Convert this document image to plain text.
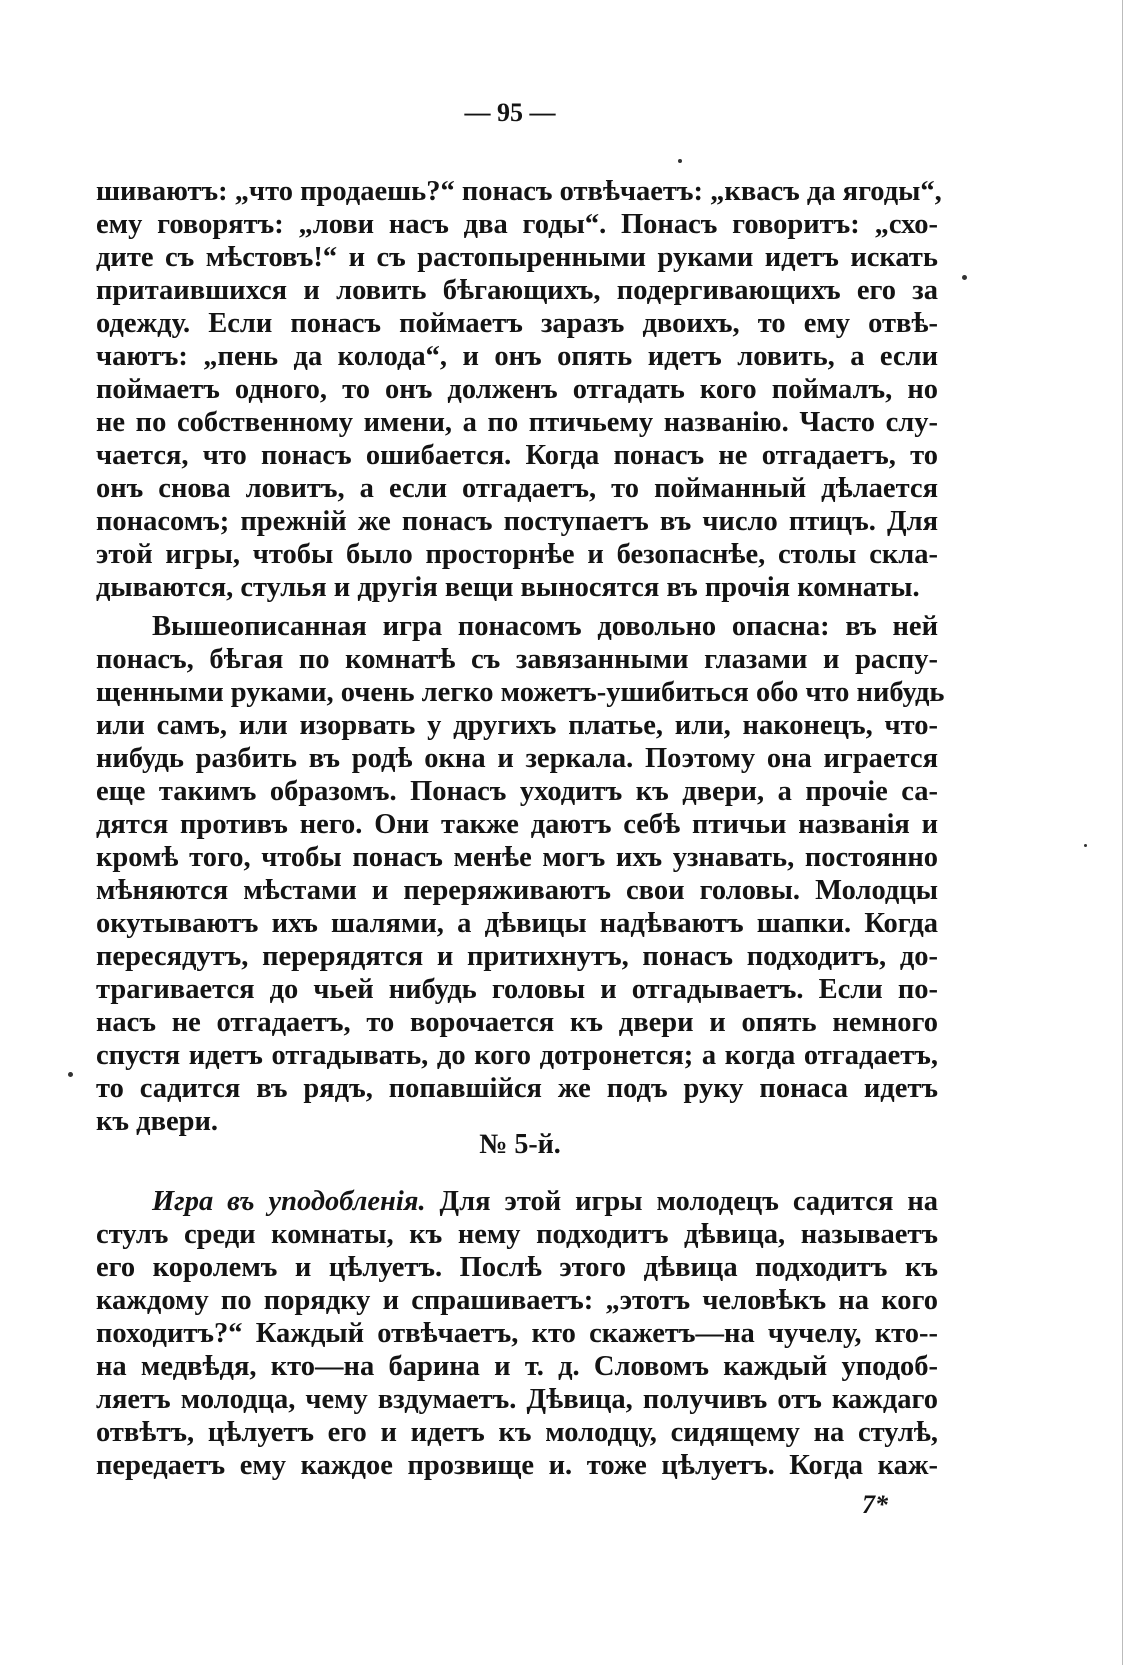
— 95 —
шиваютъ: „что продаешь?“ понасъ отвѣчаетъ: „квасъ да ягоды“,
ему говорятъ: „лови насъ два годы“. Понасъ говоритъ: „схо-
дите съ мѣстовъ!“ и съ растопыренными руками идетъ искать
притаившихся и ловить бѣгающихъ, подергивающихъ его за
одежду. Если понасъ поймаетъ заразъ двоихъ, то ему отвѣ-
чаютъ: „пень да колода“, и онъ опять идетъ ловить, а если
поймаетъ одного, то онъ долженъ отгадать кого поймалъ, но
не по собственному имени, а по птичьему названію. Часто слу-
чается, что понасъ ошибается. Когда понасъ не отгадаетъ, то
онъ снова ловитъ, а если отгадаетъ, то пойманный дѣлается
понасомъ; прежній же понасъ поступаетъ въ число птицъ. Для
этой игры, чтобы было просторнѣе и безопаснѣе, столы скла-
дываются, стулья и другія вещи выносятся въ прочія комнаты.
Вышеописанная игра понасомъ довольно опасна: въ ней
понасъ, бѣгая по комнатѣ съ завязанными глазами и распу-
щенными руками, очень легко можетъ-ушибиться обо что нибудь
или самъ, или изорвать у другихъ платье, или, наконецъ, что-
нибудь разбить въ родѣ окна и зеркала. Поэтому она играется
еще такимъ образомъ. Понасъ уходитъ къ двери, а прочіе са-
дятся противъ него. Они также даютъ себѣ птичьи названія и
кромѣ того, чтобы понасъ менѣе могъ ихъ узнавать, постоянно
мѣняются мѣстами и переряживаютъ свои головы. Молодцы
окутываютъ ихъ шалями, а дѣвицы надѣваютъ шапки. Когда
пересядутъ, перерядятся и притихнутъ, понасъ подходитъ, до-
трагивается до чьей нибудь головы и отгадываетъ. Если по-
насъ не отгадаетъ, то ворочается къ двери и опять немного
спустя идетъ отгадывать, до кого дотронется; а когда отгадаетъ,
то садится въ рядъ, попавшійся же подъ руку понаса идетъ
къ двери.
№ 5-й.
Игра въ уподобленія. Для этой игры молодецъ садится на
стулъ среди комнаты, къ нему подходитъ дѣвица, называетъ
его королемъ и цѣлуетъ. Послѣ этого дѣвица подходитъ къ
каждому по порядку и спрашиваетъ: „этотъ человѣкъ на кого
походитъ?“ Каждый отвѣчаетъ, кто скажетъ—на чучелу, кто--
на медвѣдя, кто—на барина и т. д. Словомъ каждый уподоб-
ляетъ молодца, чему вздумаетъ. Дѣвица, получивъ отъ каждаго
отвѣтъ, цѣлуетъ его и идетъ къ молодцу, сидящему на стулѣ,
передаетъ ему каждое прозвище и. тоже цѣлуетъ. Когда каж-
7*
